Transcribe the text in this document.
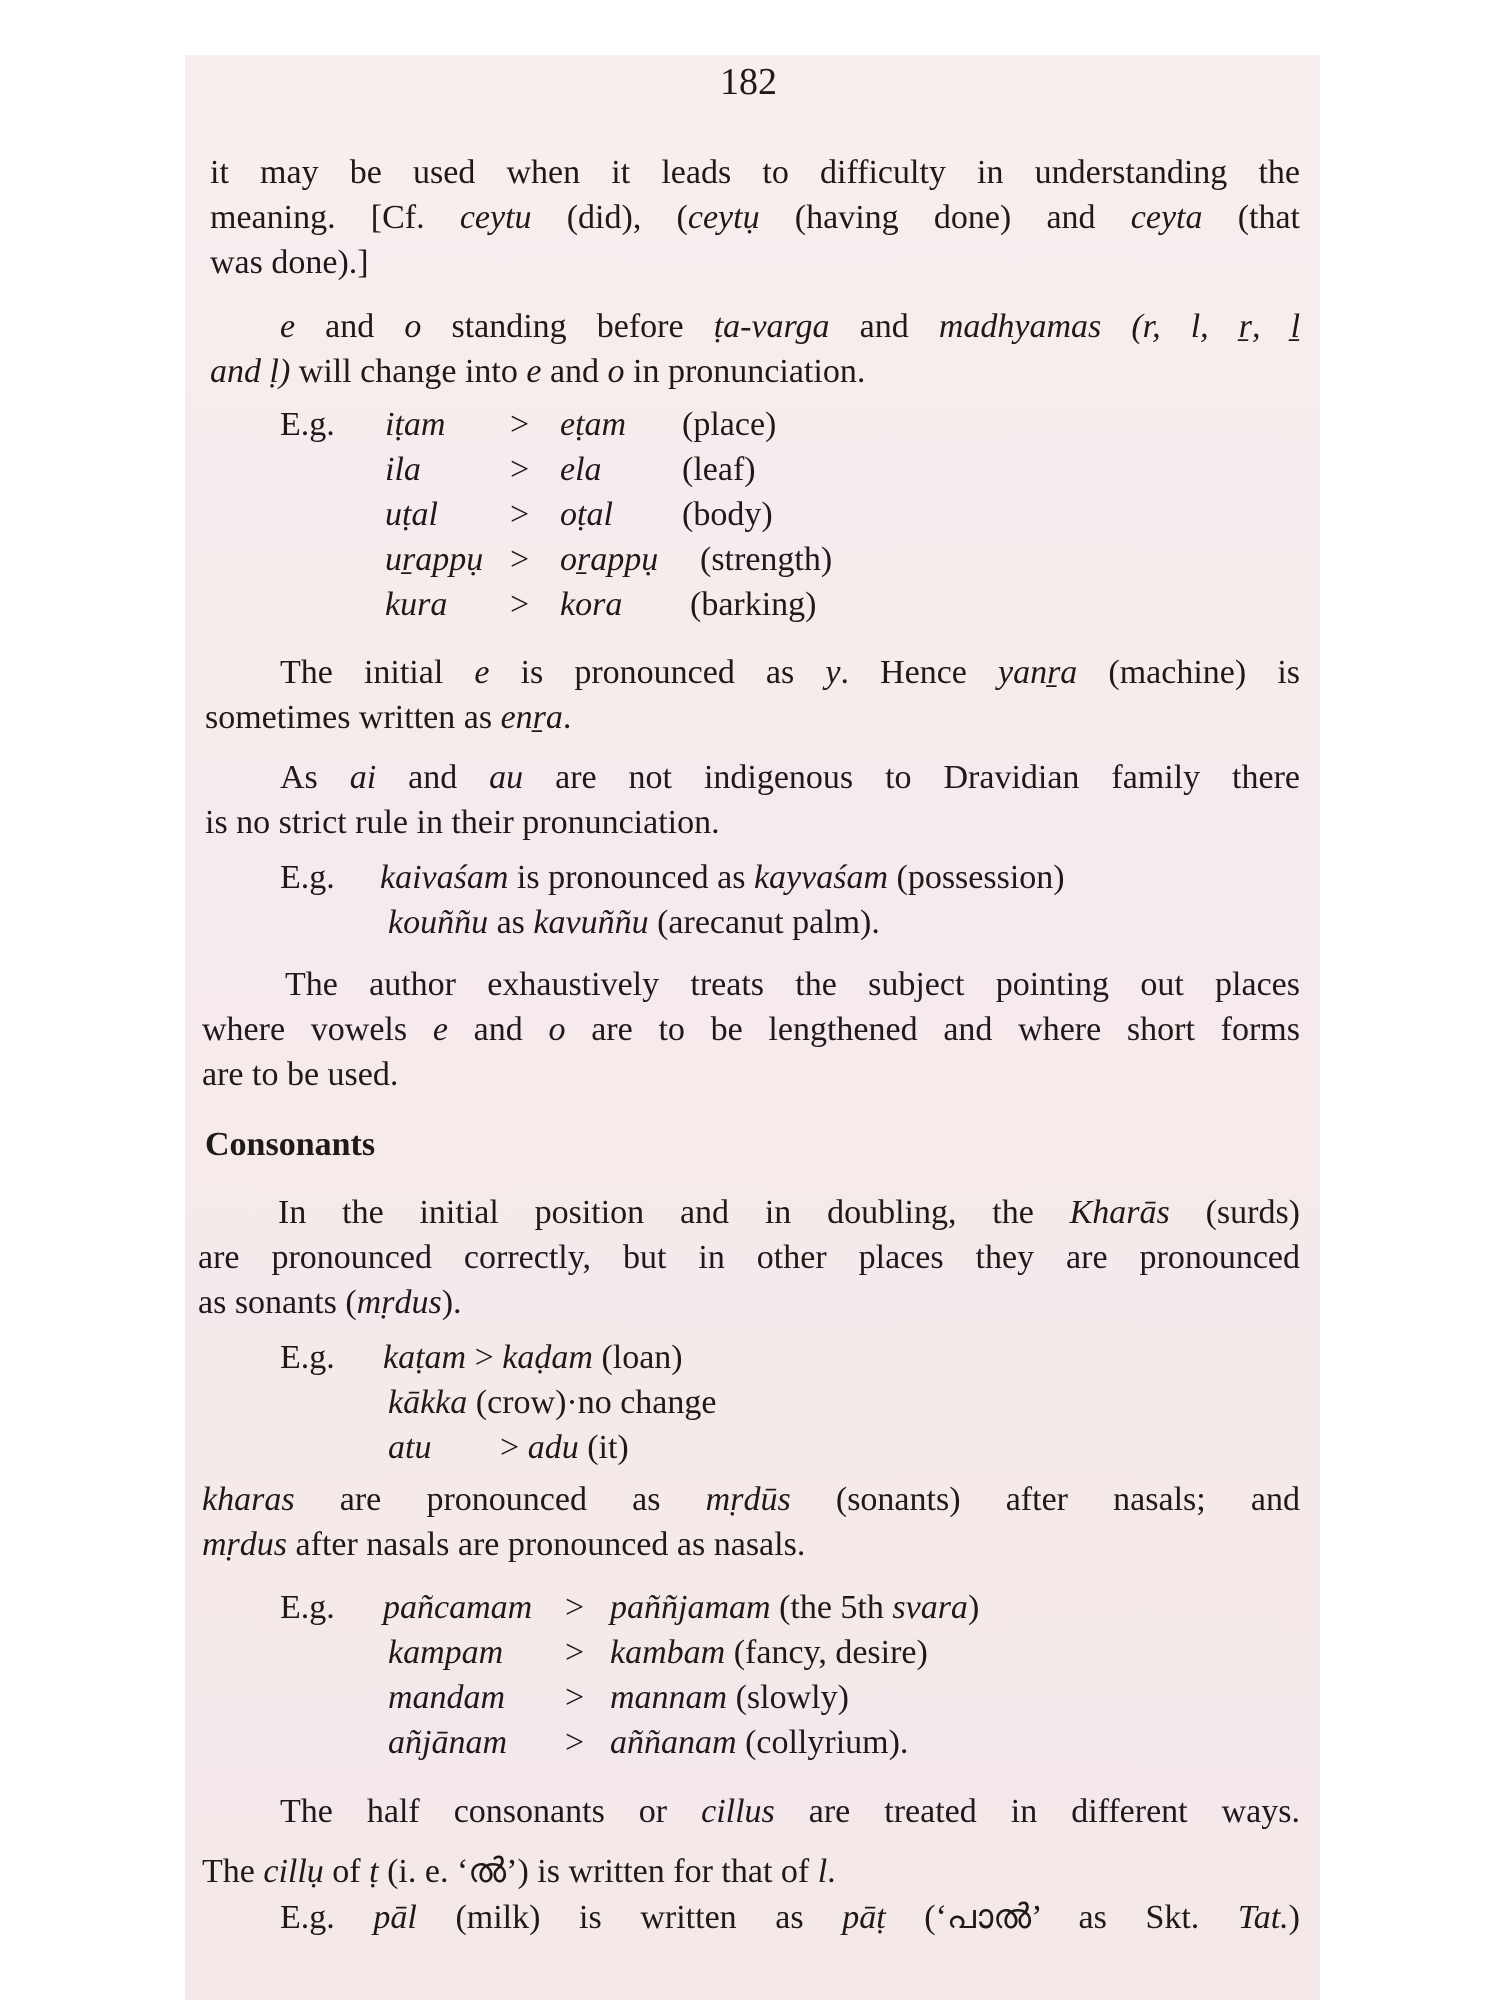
182
it may be used when it leads to difficulty in understanding the
meaning. [Cf. ceytu (did), (ceytụ (having done) and ceyta (that
was done).]
e and o standing before ṭa-varga and madhyamas (r, l, ṟ, ḻ
and ḷ) will change into e and o in pronunciation.
E.g. iṭam > eṭam (place)
ila	> ela (leaf)
uṭal > oṭal (body)
uṟappụ > oṟappụ (strength)
kura > kora (barking)
The initial e is pronounced as y. Hence yanṟa (machine) is
sometimes written as enṟa.
As ai and au are not indigenous to Dravidian family there
is no strict rule in their pronunciation.
E.g. kaivaśam is pronounced as kayvaśam (possession)
kouññu as kavuññu (arecanut palm).
The author exhaustively treats the subject pointing out places
where vowels e and o are to be lengthened and where short forms
are to be used.
Consonants
In the initial position and in doubling, the Kharās (surds)
are pronounced correctly, but in other places they are pronounced
as sonants (mṛdus).
E.g. kaṭam > kaḍam (loan)
kākka (crow)·no change
atu > adu (it)
kharas are pronounced as mṛdūs (sonants) after nasals; and
mṛdus after nasals are pronounced as nasals.
E.g. pañcamam > paññjamam (the 5th svara)
kampam > kambam (fancy, desire)
mandam > mannam (slowly)
añjānam > aññanam (collyrium).
The half consonants or cillus are treated in different ways.
The cillụ of ṭ (i. e. ‘ൽ’) is written for that of l.
E.g. pāl (milk) is written as pāṭ (‘പാൽ’ as Skt. Tat.)
